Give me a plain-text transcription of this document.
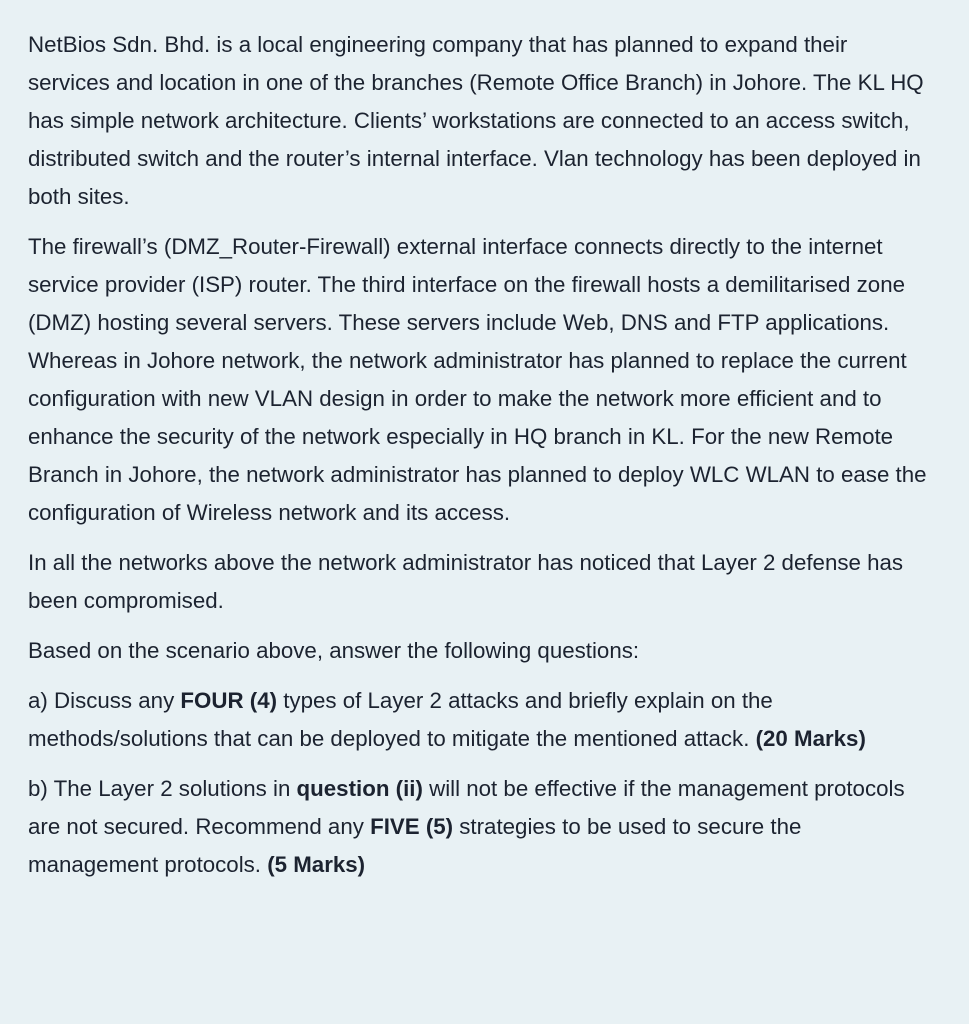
NetBios Sdn. Bhd. is a local engineering company that has planned to expand their services and location in one of the branches (Remote Office Branch) in Johore. The KL HQ has simple network architecture. Clients’ workstations are connected to an access switch, distributed switch and the router’s internal interface. Vlan technology has been deployed in both sites.

The firewall’s (DMZ_Router-Firewall) external interface connects directly to the internet service provider (ISP) router. The third interface on the firewall hosts a demilitarised zone (DMZ) hosting several servers. These servers include Web, DNS and FTP applications. Whereas in Johore network, the network administrator has planned to replace the current configuration with new VLAN design in order to make the network more efficient and to enhance the security of the network especially in HQ branch in KL. For the new Remote Branch in Johore, the network administrator has planned to deploy WLC WLAN to ease the configuration of Wireless network and its access.

In all the networks above the network administrator has noticed that Layer 2 defense has been compromised.

Based on the scenario above, answer the following questions:

a) Discuss any FOUR (4) types of Layer 2 attacks and briefly explain on the methods/solutions that can be deployed to mitigate the mentioned attack. (20 Marks)

b) The Layer 2 solutions in question (ii) will not be effective if the management protocols are not secured. Recommend any FIVE (5) strategies to be used to secure the management protocols. (5 Marks)
